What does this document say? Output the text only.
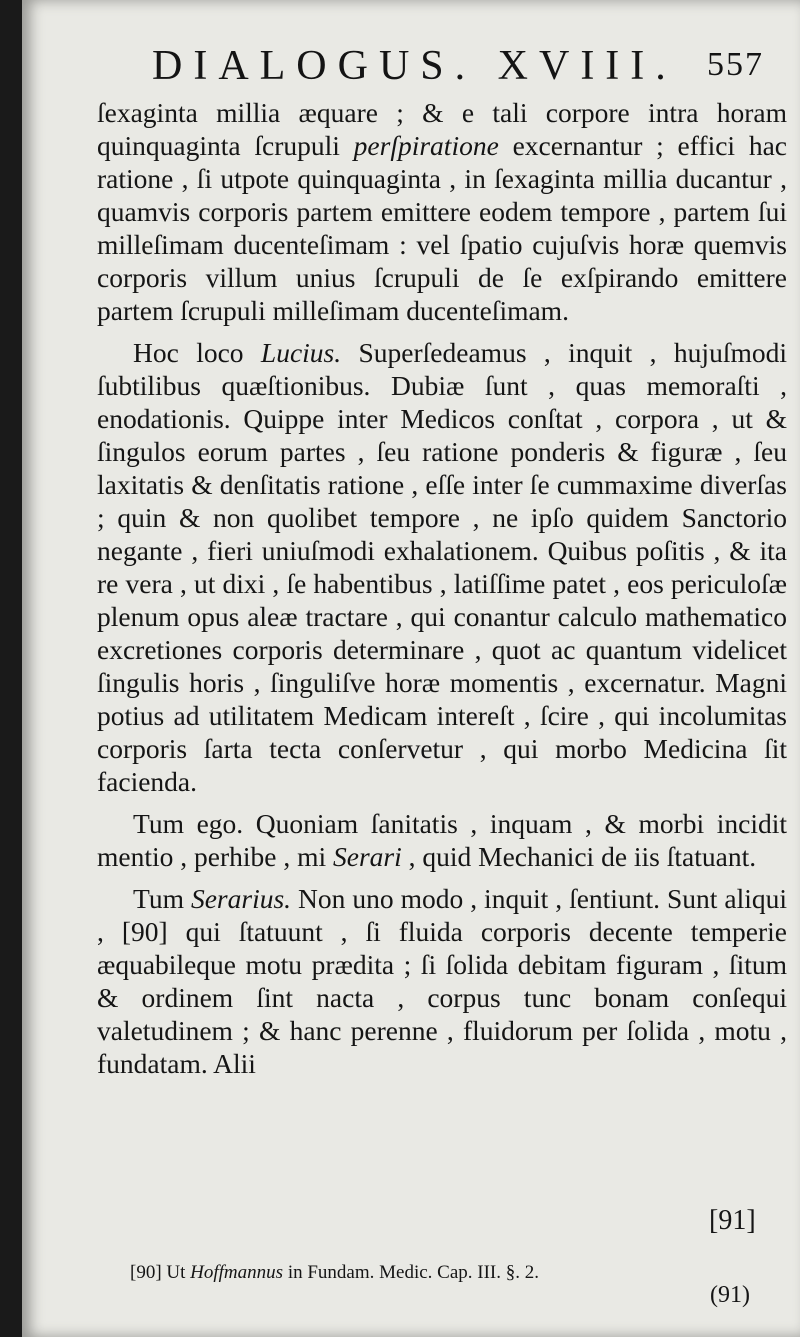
DIALOGUS. XVIII. 557

ſexaginta millia æquare ; & e tali corpore intra horam quinquaginta ſcrupuli perſpiratione excernantur ; effici hac ratione , ſi utpote quinquaginta , in ſexaginta millia ducantur , quamvis corporis partem emittere eodem tempore , partem ſui milleſimam ducenteſimam : vel ſpatio cujuſvis horæ quemvis corporis villum unius ſcrupuli de ſe exſpirando emittere partem ſcrupuli milleſimam ducenteſimam.

Hoc loco Lucius. Superſedeamus , inquit , hujuſmodi ſubtilibus quæſtionibus. Dubiæ ſunt , quas memoraſti , enodationis. Quippe inter Medicos conſtat , corpora , ut & ſingulos eorum partes , ſeu ratione ponderis & figuræ , ſeu laxitatis & denſitatis ratione , eſſe inter ſe cummaxime diverſas ; quin & non quolibet tempore , ne ipſo quidem Sanctorio negante , fieri uniuſmodi exhalationem. Quibus poſitis , & ita re vera , ut dixi , ſe habentibus , latiſſime patet , eos periculoſæ plenum opus aleæ tractare , qui conantur calculo mathematico excretiones corporis determinare , quot ac quantum videlicet ſingulis horis , ſinguliſve horæ momentis , excernatur. Magni potius ad utilitatem Medicam intereſt , ſcire , qui incolumitas corporis ſarta tecta conſervetur , qui morbo Medicina ſit facienda.

Tum ego. Quoniam ſanitatis , inquam , & morbi incidit mentio , perhibe , mi Serari , quid Mechanici de iis ſtatuant.

Tum Serarius. Non uno modo , inquit , ſentiunt. Sunt aliqui , [90] qui ſtatuunt , ſi fluida corporis decente temperie æquabileque motu prædita ; ſi ſolida debitam figuram , ſitum & ordinem ſint nacta , corpus tunc bonam conſequi valetudinem ; & hanc perenne , fluidorum per ſolida , motu , fundatam. Alii

[91]
[90] Ut Hoffmannus in Fundam. Medic. Cap. III. §. 2.
(91)
